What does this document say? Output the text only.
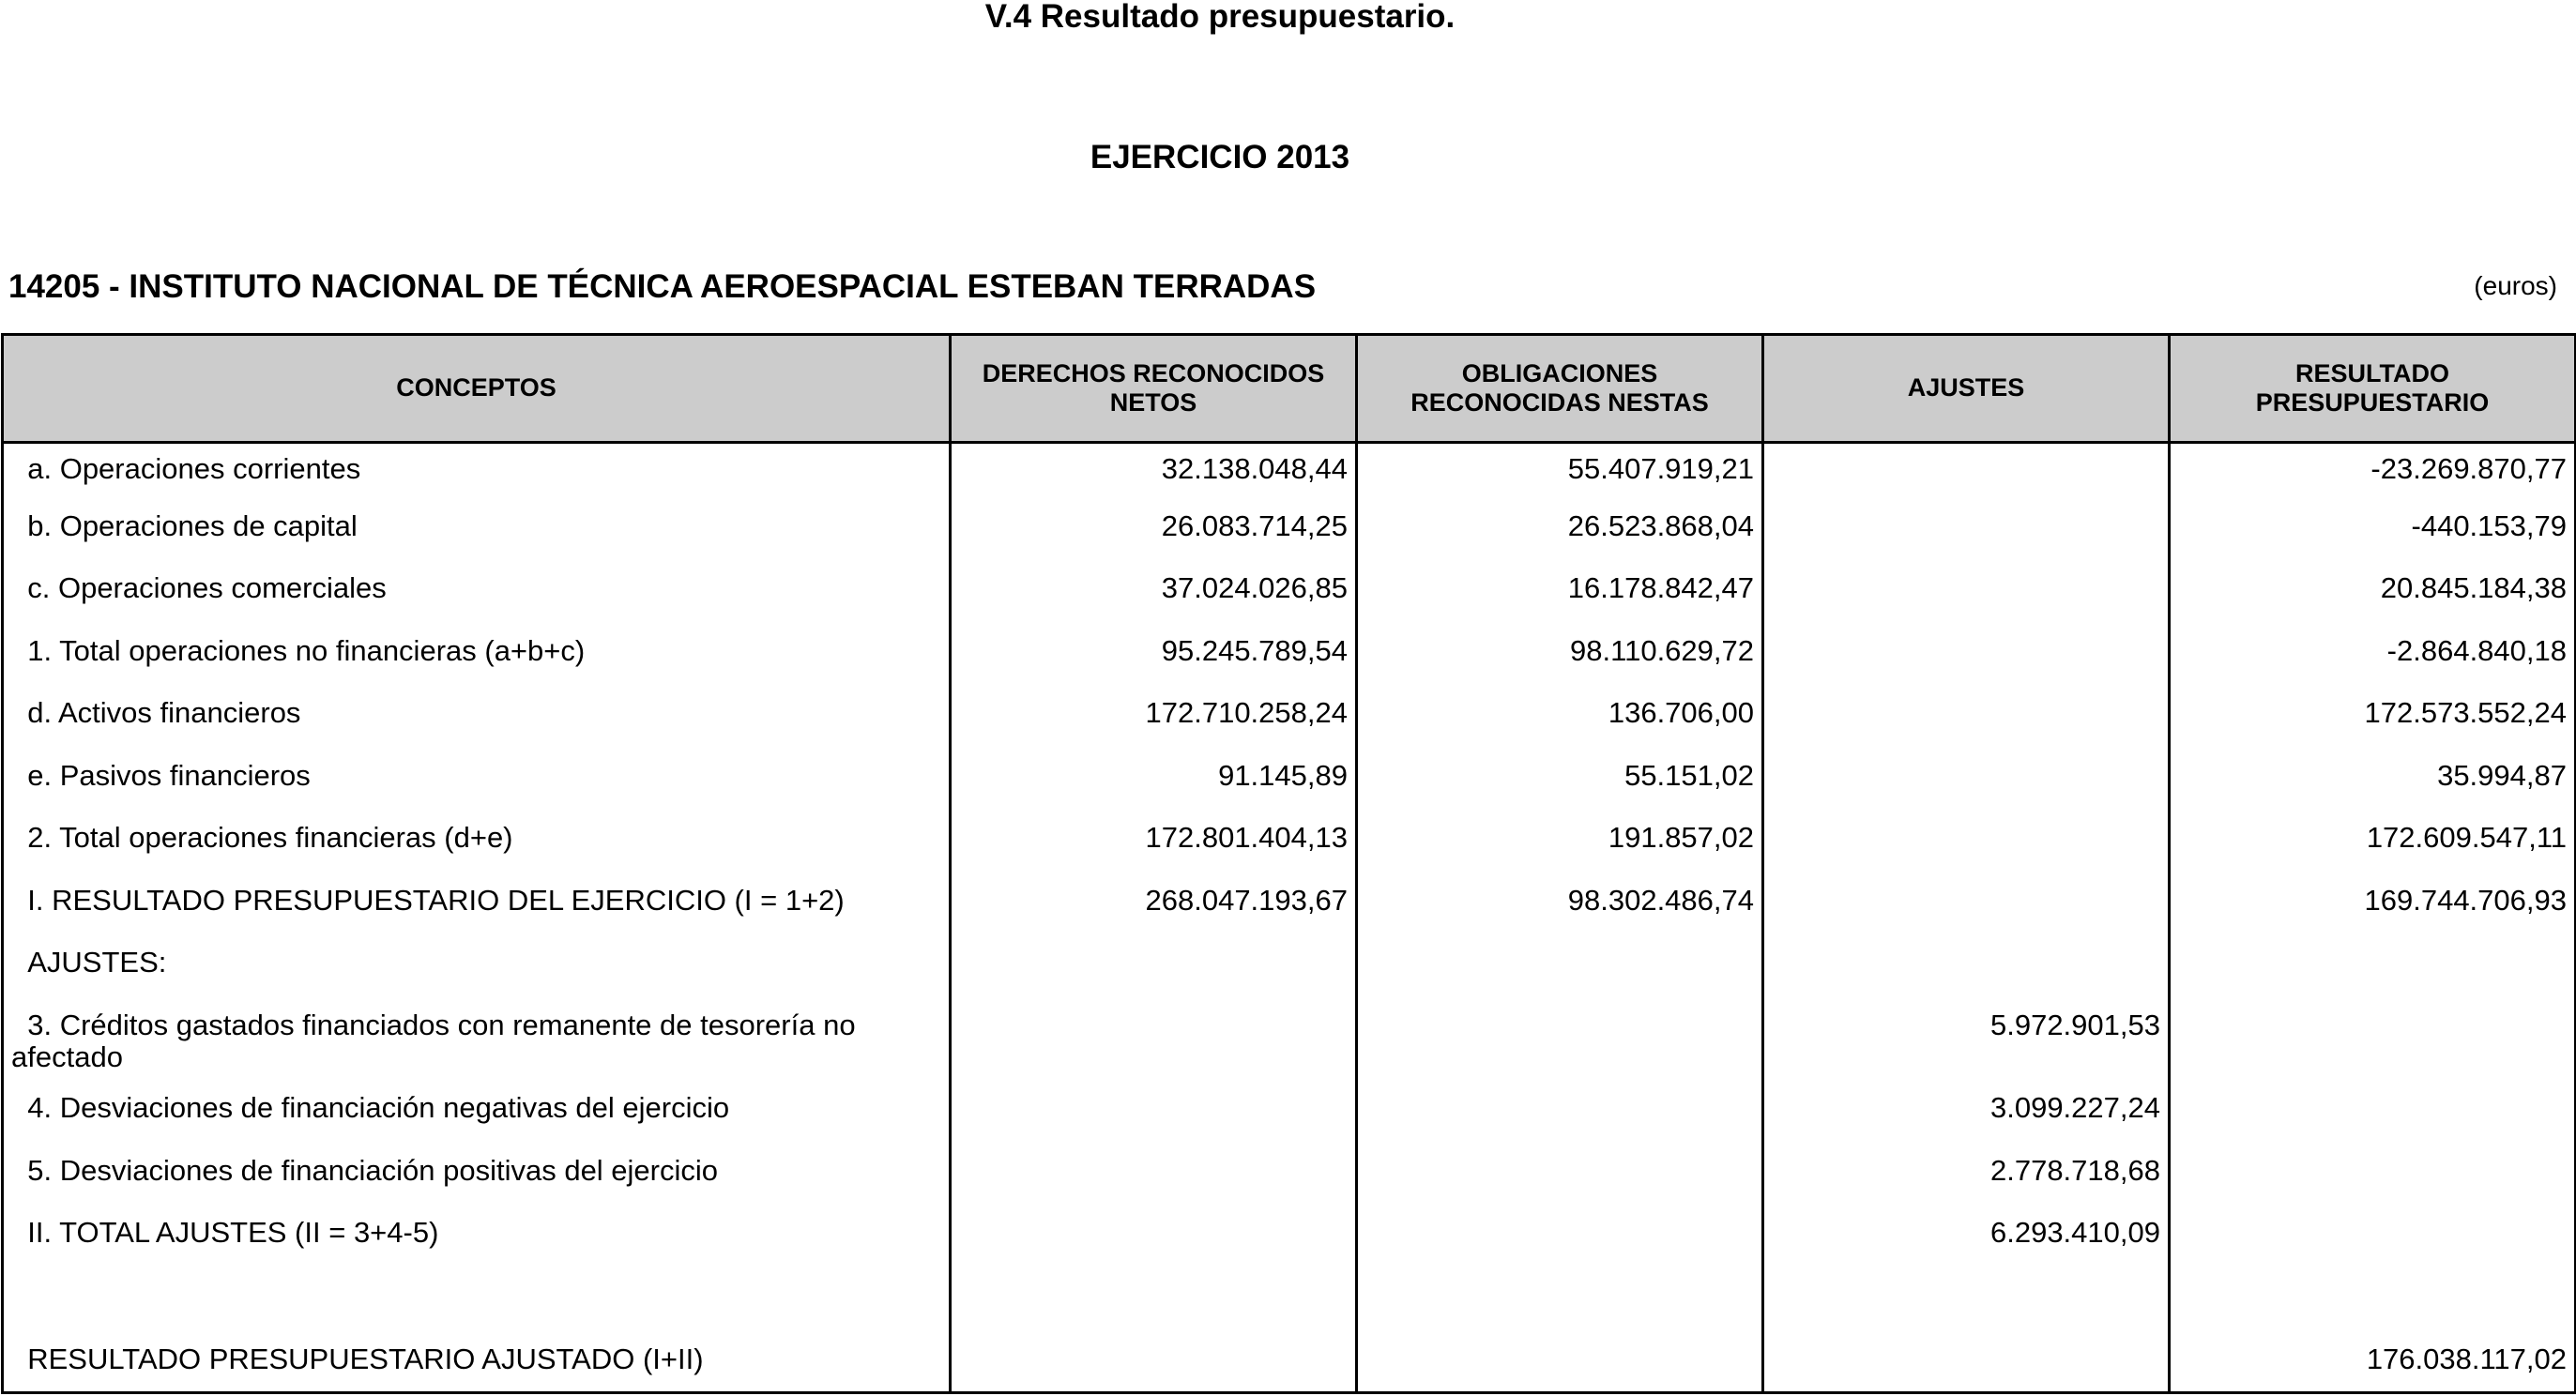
V.4 Resultado presupuestario.
EJERCICIO 2013
14205 - INSTITUTO NACIONAL DE TÉCNICA AEROESPACIAL ESTEBAN TERRADAS	(euros)
CONCEPTOS	DERECHOS RECONOCIDOS NETOS	OBLIGACIONES RECONOCIDAS NESTAS	AJUSTES	RESULTADO PRESUPUESTARIO
a. Operaciones corrientes	32.138.048,44	55.407.919,21		-23.269.870,77
b. Operaciones de capital	26.083.714,25	26.523.868,04		-440.153,79
c. Operaciones comerciales	37.024.026,85	16.178.842,47		20.845.184,38
1. Total operaciones no financieras (a+b+c)	95.245.789,54	98.110.629,72		-2.864.840,18
d. Activos financieros	172.710.258,24	136.706,00		172.573.552,24
e. Pasivos financieros	91.145,89	55.151,02		35.994,87
2. Total operaciones financieras (d+e)	172.801.404,13	191.857,02		172.609.547,11
I. RESULTADO PRESUPUESTARIO DEL EJERCICIO (I = 1+2)	268.047.193,67	98.302.486,74		169.744.706,93
AJUSTES:				
3. Créditos gastados financiados con remanente de tesorería no afectado			5.972.901,53	
4. Desviaciones de financiación negativas del ejercicio			3.099.227,24	
5. Desviaciones de financiación positivas del ejercicio			2.778.718,68	
II. TOTAL AJUSTES (II = 3+4-5)			6.293.410,09	

RESULTADO PRESUPUESTARIO AJUSTADO (I+II)				176.038.117,02
